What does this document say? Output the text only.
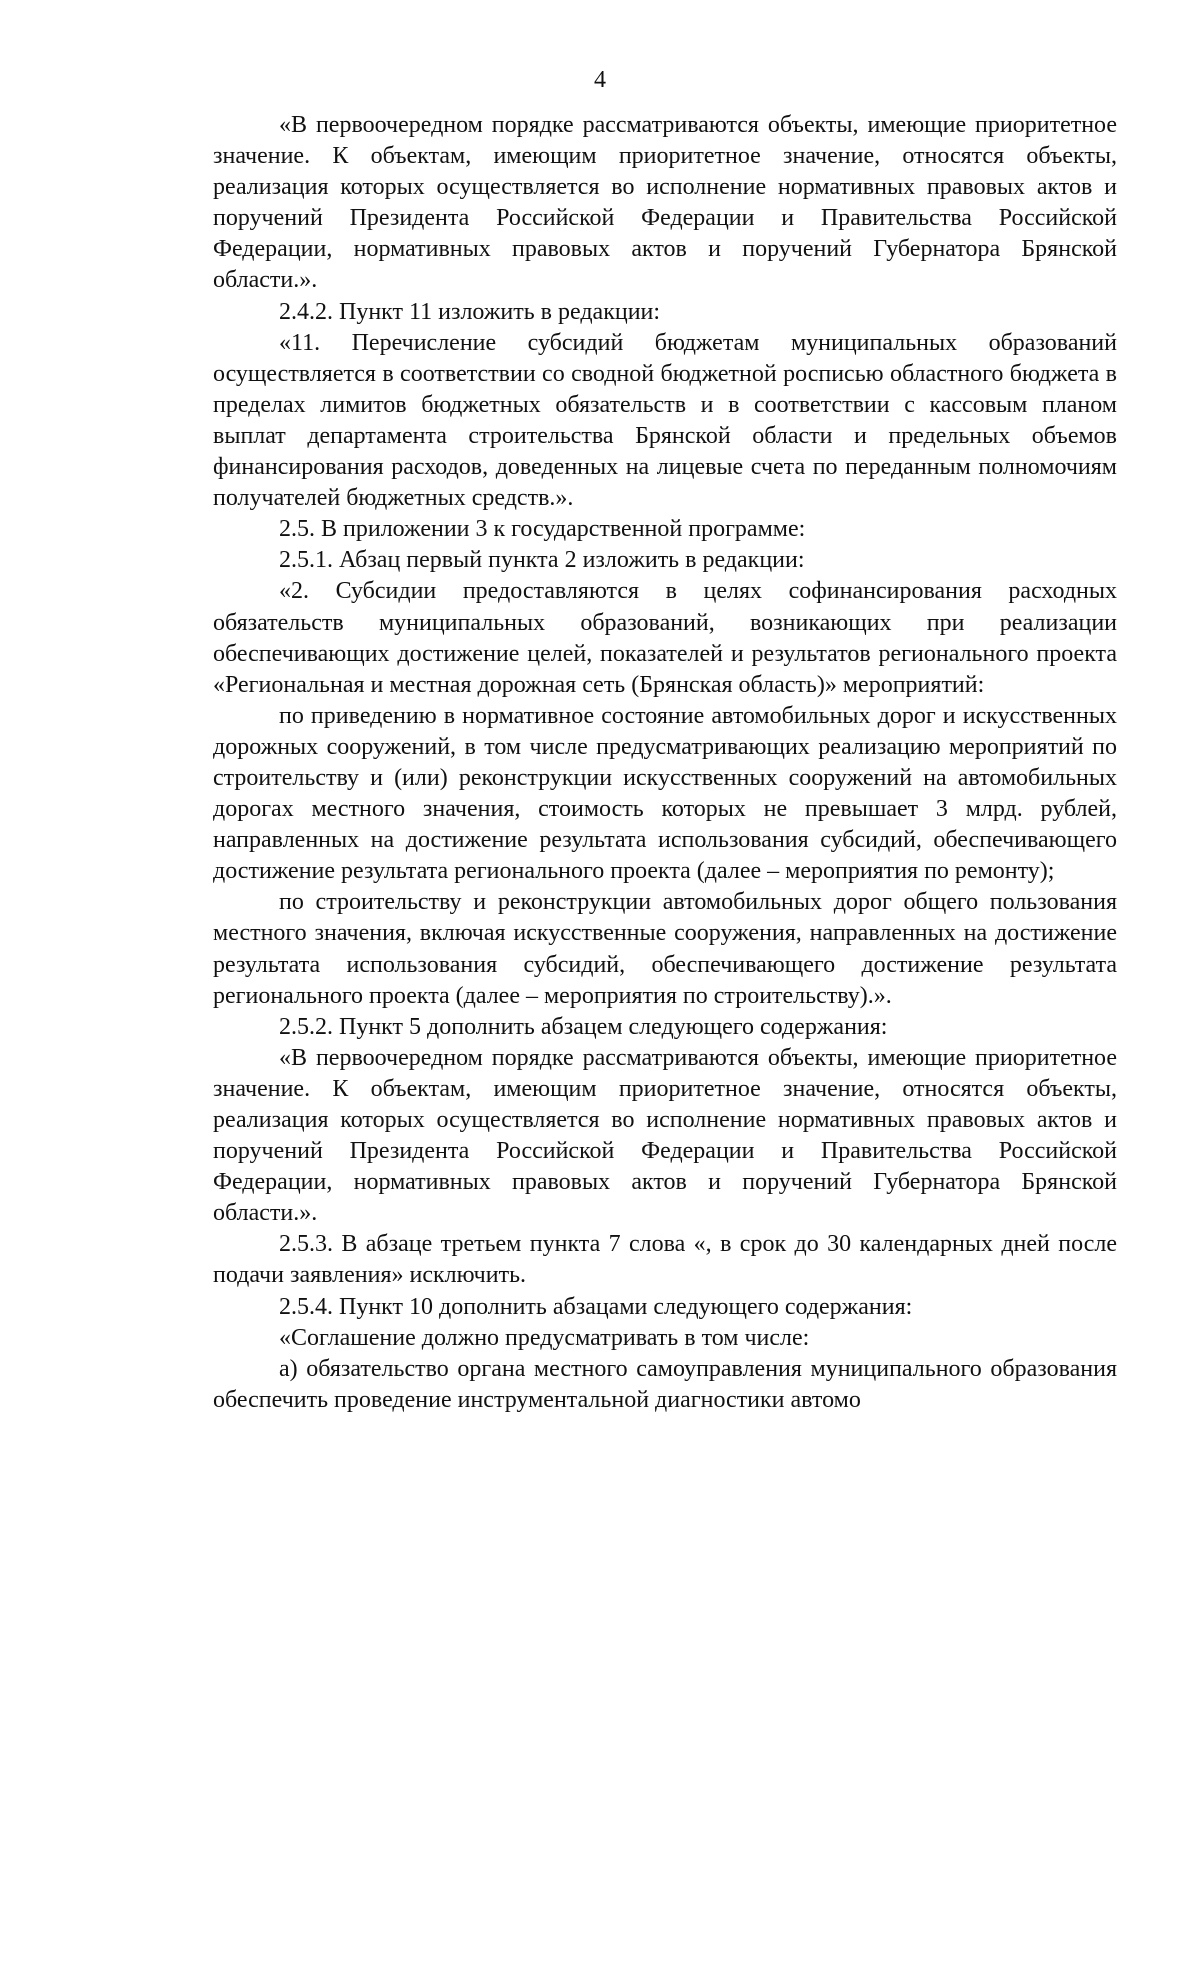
4

«В первоочередном порядке рассматриваются объекты, имеющие приоритетное значение. К объектам, имеющим приоритетное значение, относятся объекты, реализация которых осуществляется во исполнение нормативных правовых актов и поручений Президента Российской Федерации и Правительства Российской Федерации, нормативных правовых актов и поручений Губернатора Брянской области.».

2.4.2. Пункт 11 изложить в редакции:

«11. Перечисление субсидий бюджетам муниципальных образований осуществляется в соответствии со сводной бюджетной росписью областного бюджета в пределах лимитов бюджетных обязательств и в соответствии с кассовым планом выплат департамента строительства Брянской области и предельных объемов финансирования расходов, доведенных на лицевые счета по переданным полномочиям получателей бюджетных средств.».

2.5. В приложении 3 к государственной программе:

2.5.1. Абзац первый пункта 2 изложить в редакции:

«2. Субсидии предоставляются в целях софинансирования расходных обязательств муниципальных образований, возникающих при реализации обеспечивающих достижение целей, показателей и результатов регионального проекта «Региональная и местная дорожная сеть (Брянская область)» мероприятий:

по приведению в нормативное состояние автомобильных дорог и искусственных дорожных сооружений, в том числе предусматривающих реализацию мероприятий по строительству и (или) реконструкции искусственных сооружений на автомобильных дорогах местного значения, стоимость которых не превышает 3 млрд. рублей, направленных на достижение результата использования субсидий, обеспечивающего достижение результата регионального проекта (далее – мероприятия по ремонту);

по строительству и реконструкции автомобильных дорог общего пользования местного значения, включая искусственные сооружения, направленных на достижение результата использования субсидий, обеспечивающего достижение результата регионального проекта (далее – мероприятия по строительству).».

2.5.2. Пункт 5 дополнить абзацем следующего содержания:

«В первоочередном порядке рассматриваются объекты, имеющие приоритетное значение. К объектам, имеющим приоритетное значение, относятся объекты, реализация которых осуществляется во исполнение нормативных правовых актов и поручений Президента Российской Федерации и Правительства Российской Федерации, нормативных правовых актов и поручений Губернатора Брянской области.».

2.5.3. В абзаце третьем пункта 7 слова «, в срок до 30 календарных дней после подачи заявления» исключить.

2.5.4. Пункт 10 дополнить абзацами следующего содержания:

«Соглашение должно предусматривать в том числе:

а) обязательство органа местного самоуправления муниципального образования обеспечить проведение инструментальной диагностики автомо
